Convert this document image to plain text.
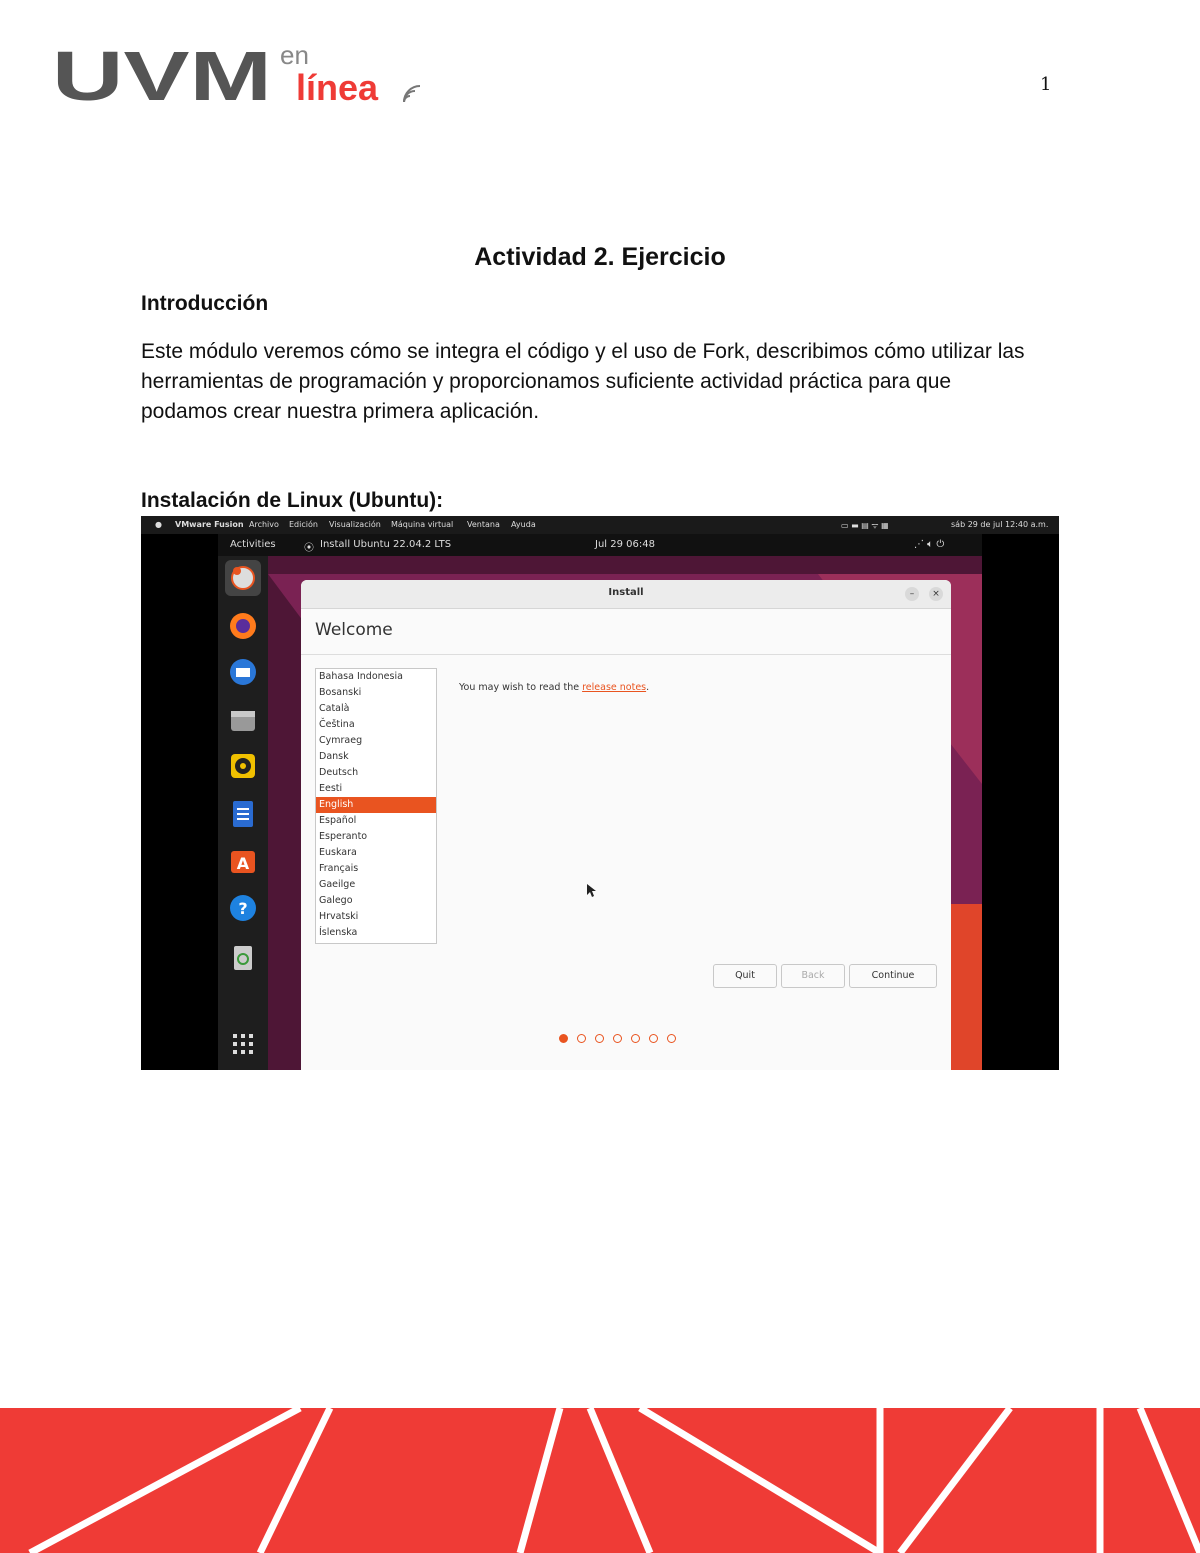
UVM en
línea	1
Actividad 2. Ejercicio
Introducción
Este módulo veremos cómo se integra el código y el uso de Fork, describimos cómo utilizar las herramientas de programación y proporcionamos suficiente actividad práctica para que podamos crear nuestra primera aplicación.
Instalación de Linux (Ubuntu):
● VMware Fusion Archivo Edición Visualización Máquina virtual Ventana Ayuda	▭ ▬ ▤ ᯤ ▦	sáb 29 de jul 12:40 a.m.
Activities	⦿ Install Ubuntu 22.04.2 LTS	Jul 29 06:48	⋰ 🔈︎ ⏻
A
?
Install	–	×
Welcome
Bahasa Indonesia
Bosanski
Català
Čeština
Cymraeg
Dansk
Deutsch
Eesti
English
Español
Esperanto
Euskara
Français
Gaeilge
Galego
Hrvatski
Íslenska
You may wish to read the release notes.
Quit	Back	Continue
